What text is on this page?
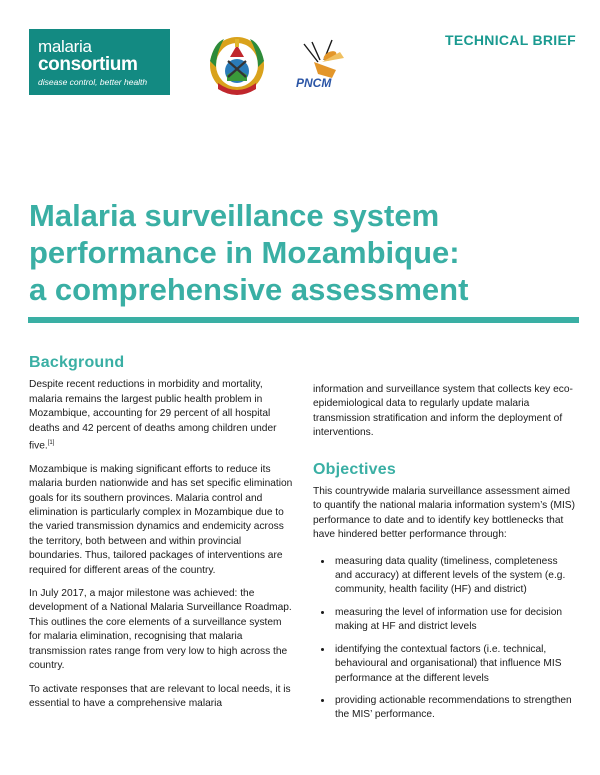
malaria
consortium
disease control, better health	PNCM
TECHNICAL BRIEF
Malaria surveillance system
performance in Mozambique:
a comprehensive assessment
Background

Despite recent reductions in morbidity and mortality, malaria remains the largest public health problem in Mozambique, accounting for 29 percent of all hospital deaths and 42 percent of deaths among children under five.[1]

Mozambique is making significant efforts to reduce its malaria burden nationwide and has set specific elimination goals for its southern provinces. Malaria control and elimination is particularly complex in Mozambique due to the varied transmission dynamics and endemicity across the territory, both between and within provincial boundaries. Thus, tailored packages of interventions are required for different areas of the country.

In July 2017, a major milestone was achieved: the development of a National Malaria Surveillance Roadmap. This outlines the core elements of a surveillance system for malaria elimination, recognising that malaria transmission rates range from very low to high across the country.

To activate responses that are relevant to local needs, it is essential to have a comprehensive malaria

information and surveillance system that collects key eco-epidemiological data to regularly update malaria transmission stratification and inform the deployment of interventions.

Objectives

This countrywide malaria surveillance assessment aimed to quantify the national malaria information system’s (MIS) performance to date and to identify key bottlenecks that have hindered better performance through:

• measuring data quality (timeliness, completeness and accuracy) at different levels of the system (e.g. community, health facility (HF) and district)
• measuring the level of information use for decision making at HF and district levels
• identifying the contextual factors (i.e. technical, behavioural and organisational) that influence MIS performance at the different levels
• providing actionable recommendations to strengthen the MIS’ performance.
